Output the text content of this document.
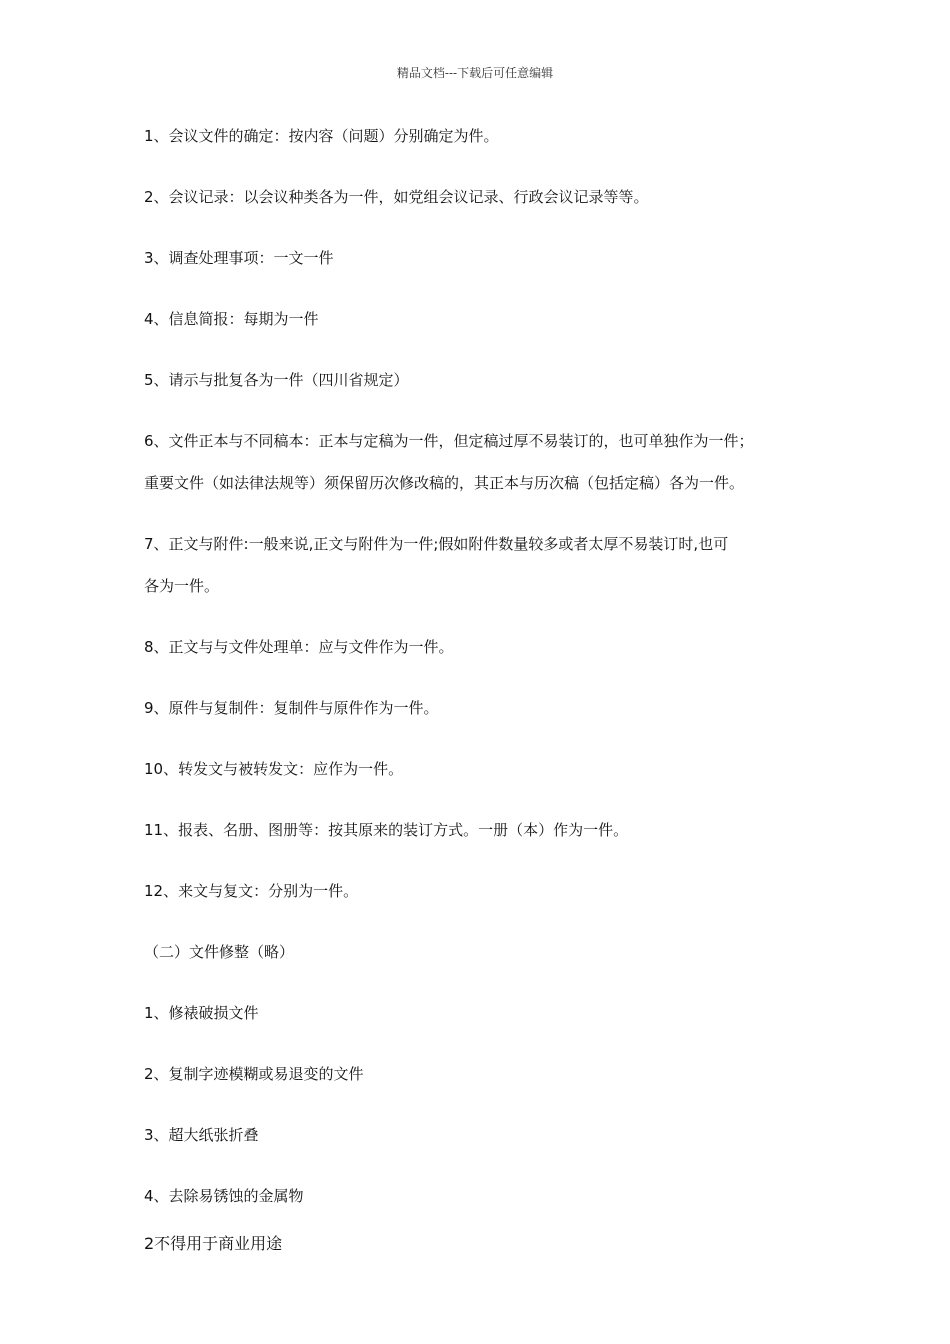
精品文档---下载后可任意编辑

1、会议文件的确定：按内容（问题）分别确定为件。

2、会议记录：以会议种类各为一件，如党组会议记录、行政会议记录等等。

3、调查处理事项：一文一件

4、信息简报：每期为一件

5、请示与批复各为一件（四川省规定）

6、文件正本与不同稿本：正本与定稿为一件，但定稿过厚不易装订的，也可单独作为一件；
重要文件（如法律法规等）须保留历次修改稿的，其正本与历次稿（包括定稿）各为一件。

7、正文与附件:一般来说,正文与附件为一件;假如附件数量较多或者太厚不易装订时,也可
各为一件。

8、正文与与文件处理单：应与文件作为一件。

9、原件与复制件：复制件与原件作为一件。

10、转发文与被转发文：应作为一件。

11、报表、名册、图册等：按其原来的装订方式。一册（本）作为一件。

12、来文与复文：分别为一件。

（二）文件修整（略）

1、修裱破损文件

2、复制字迹模糊或易退变的文件

3、超大纸张折叠

4、去除易锈蚀的金属物

2不得用于商业用途
